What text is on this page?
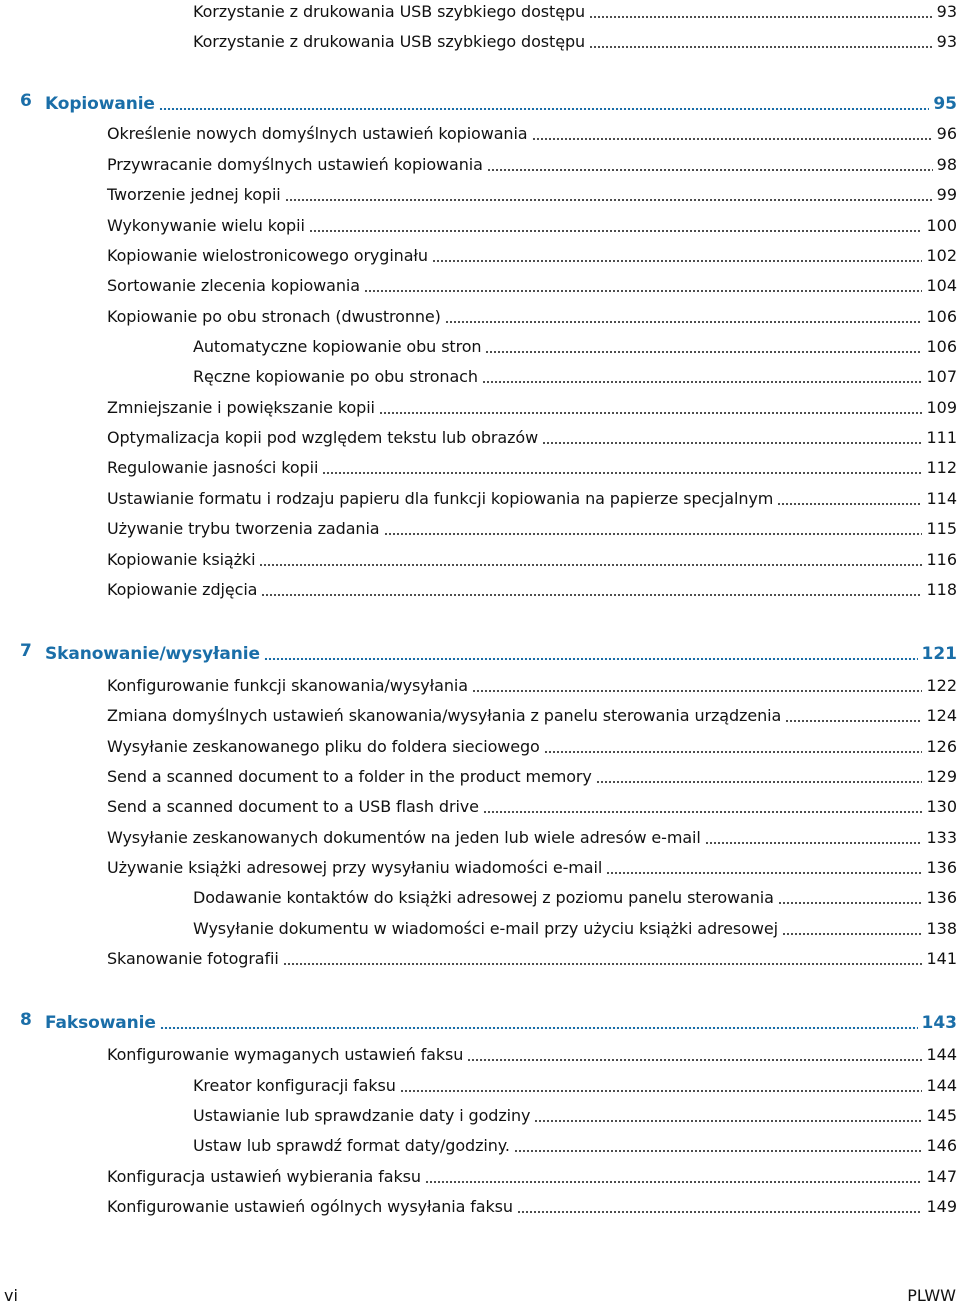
Korzystanie z drukowania USB szybkiego dostępu	93
Korzystanie z drukowania USB szybkiego dostępu	93
6 Kopiowanie	95
Określenie nowych domyślnych ustawień kopiowania	96
Przywracanie domyślnych ustawień kopiowania	98
Tworzenie jednej kopii	99
Wykonywanie wielu kopii	100
Kopiowanie wielostronicowego oryginału	102
Sortowanie zlecenia kopiowania	104
Kopiowanie po obu stronach (dwustronne)	106
Automatyczne kopiowanie obu stron	106
Ręczne kopiowanie po obu stronach	107
Zmniejszanie i powiększanie kopii	109
Optymalizacja kopii pod względem tekstu lub obrazów	111
Regulowanie jasności kopii	112
Ustawianie formatu i rodzaju papieru dla funkcji kopiowania na papierze specjalnym	114
Używanie trybu tworzenia zadania	115
Kopiowanie książki	116
Kopiowanie zdjęcia	118
7 Skanowanie/wysyłanie	121
Konfigurowanie funkcji skanowania/wysyłania	122
Zmiana domyślnych ustawień skanowania/wysyłania z panelu sterowania urządzenia	124
Wysyłanie zeskanowanego pliku do foldera sieciowego	126
Send a scanned document to a folder in the product memory	129
Send a scanned document to a USB flash drive	130
Wysyłanie zeskanowanych dokumentów na jeden lub wiele adresów e-mail	133
Używanie książki adresowej przy wysyłaniu wiadomości e-mail	136
Dodawanie kontaktów do książki adresowej z poziomu panelu sterowania	136
Wysyłanie dokumentu w wiadomości e-mail przy użyciu książki adresowej	138
Skanowanie fotografii	141
8 Faksowanie	143
Konfigurowanie wymaganych ustawień faksu	144
Kreator konfiguracji faksu	144
Ustawianie lub sprawdzanie daty i godziny	145
Ustaw lub sprawdź format daty/godziny.	146
Konfiguracja ustawień wybierania faksu	147
Konfigurowanie ustawień ogólnych wysyłania faksu	149
vi	PLWW
